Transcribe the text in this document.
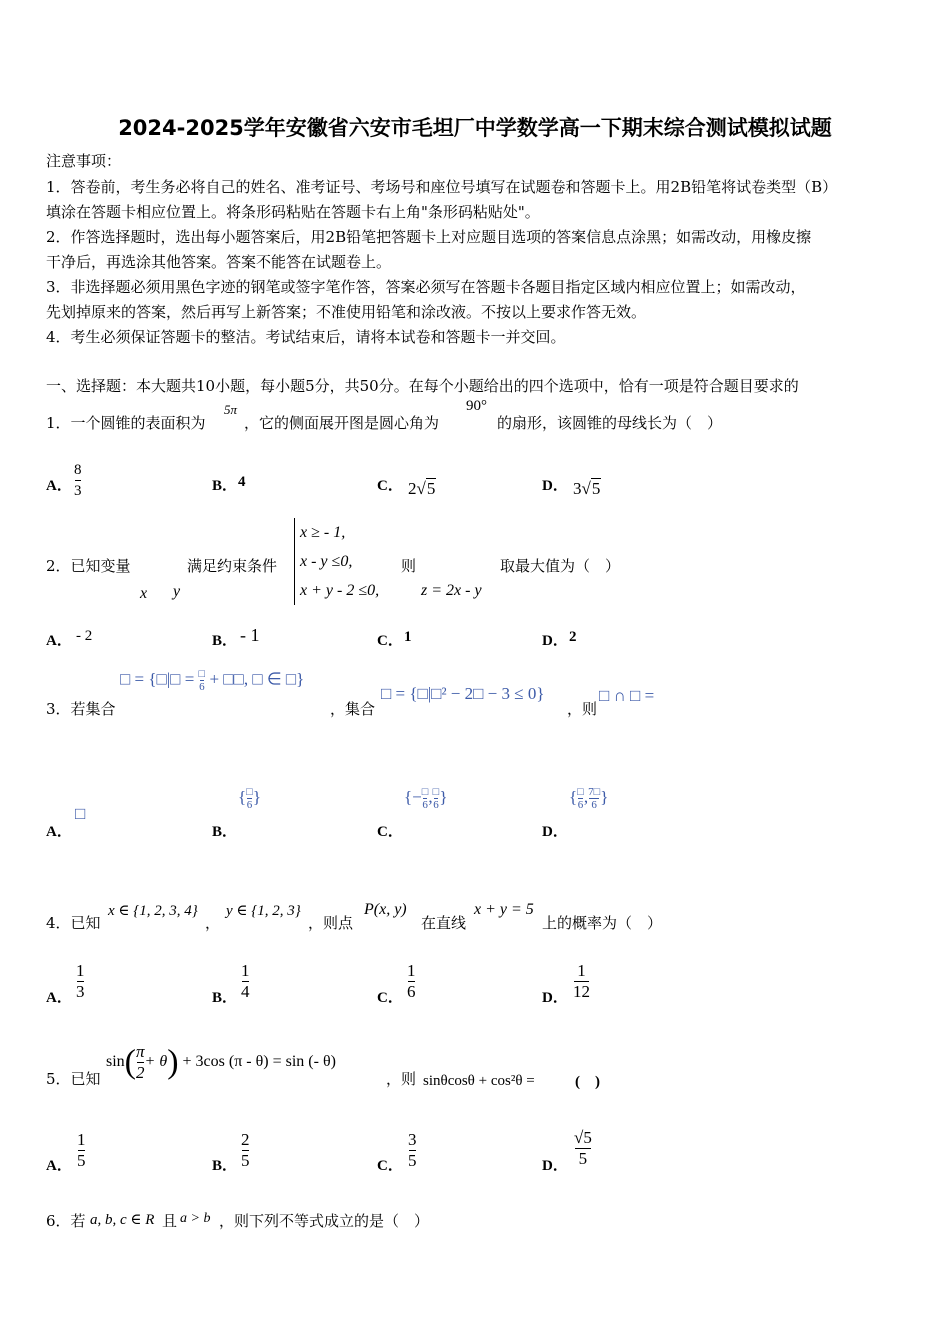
2024-2025学年安徽省六安市毛坦厂中学数学高一下期末综合测试模拟试题
注意事项：
1．答卷前，考生务必将自己的姓名、准考证号、考场号和座位号填写在试题卷和答题卡上。用2B铅笔将试卷类型（B）
填涂在答题卡相应位置上。将条形码粘贴在答题卡右上角"条形码粘贴处"。
2．作答选择题时，选出每小题答案后，用2B铅笔把答题卡上对应题目选项的答案信息点涂黑；如需改动，用橡皮擦
干净后，再选涂其他答案。答案不能答在试题卷上。
3．非选择题必须用黑色字迹的钢笔或签字笔作答，答案必须写在答题卡各题目指定区域内相应位置上；如需改动，
先划掉原来的答案，然后再写上新答案；不准使用铅笔和涂改液。不按以上要求作答无效。
4．考生必须保证答题卡的整洁。考试结束后，请将本试卷和答题卡一并交回。
一、选择题：本大题共10小题，每小题5分，共50分。在每个小题给出的四个选项中，恰有一项是符合题目要求的
1．一个圆锥的表面积为
5π
，它的侧面展开图是圆心角为
90°
的扇形，该圆锥的母线长为（　）
A． $\frac{8}{3}$	B． 4	C． 2√5	D． 3√5
2．已知变量
x y
满足约束条件
x ≥ - 1,
x - y ≤0,
x + y - 2 ≤0,
则
z = 2x - y
取最大值为（　）
A． - 2	B． - 1	C． 1	D． 2
3．若集合
□ = {□|□ = $\frac{□}{6}$ + □□, □ ∈ □}
，集合
□ = {□|□² − 2□ − 3 ≤ 0}
，则
□ ∩ □ =
A．
□
B．
{ $\frac{□}{6}$ }
C．
{− $\frac{□}{6}$ , $\frac{□}{6}$ }
D．
{ $\frac{□}{6}$ , $\frac{7□}{6}$ }
4．已知
x ∈ {1, 2, 3, 4}
，
y ∈ {1, 2, 3}
，则点
P(x, y)
在直线
x + y = 5
上的概率为（　）
A． $\frac{1}{3}$	B． $\frac{1}{4}$	C． $\frac{1}{6}$	D． $\frac{1}{12}$
5．已知
$\sin( \frac{\pi}{2} + \theta) + 3\cos$ (π - θ) = sin (- θ)
，则 sinθcosθ + cos²θ =	(　)
A． $\frac{1}{5}$	B． $\frac{2}{5}$	C． $\frac{3}{5}$	D． $\frac{√5}{5}$
6．若 a, b, c ∈ R 且 a > b ，则下列不等式成立的是（　）
